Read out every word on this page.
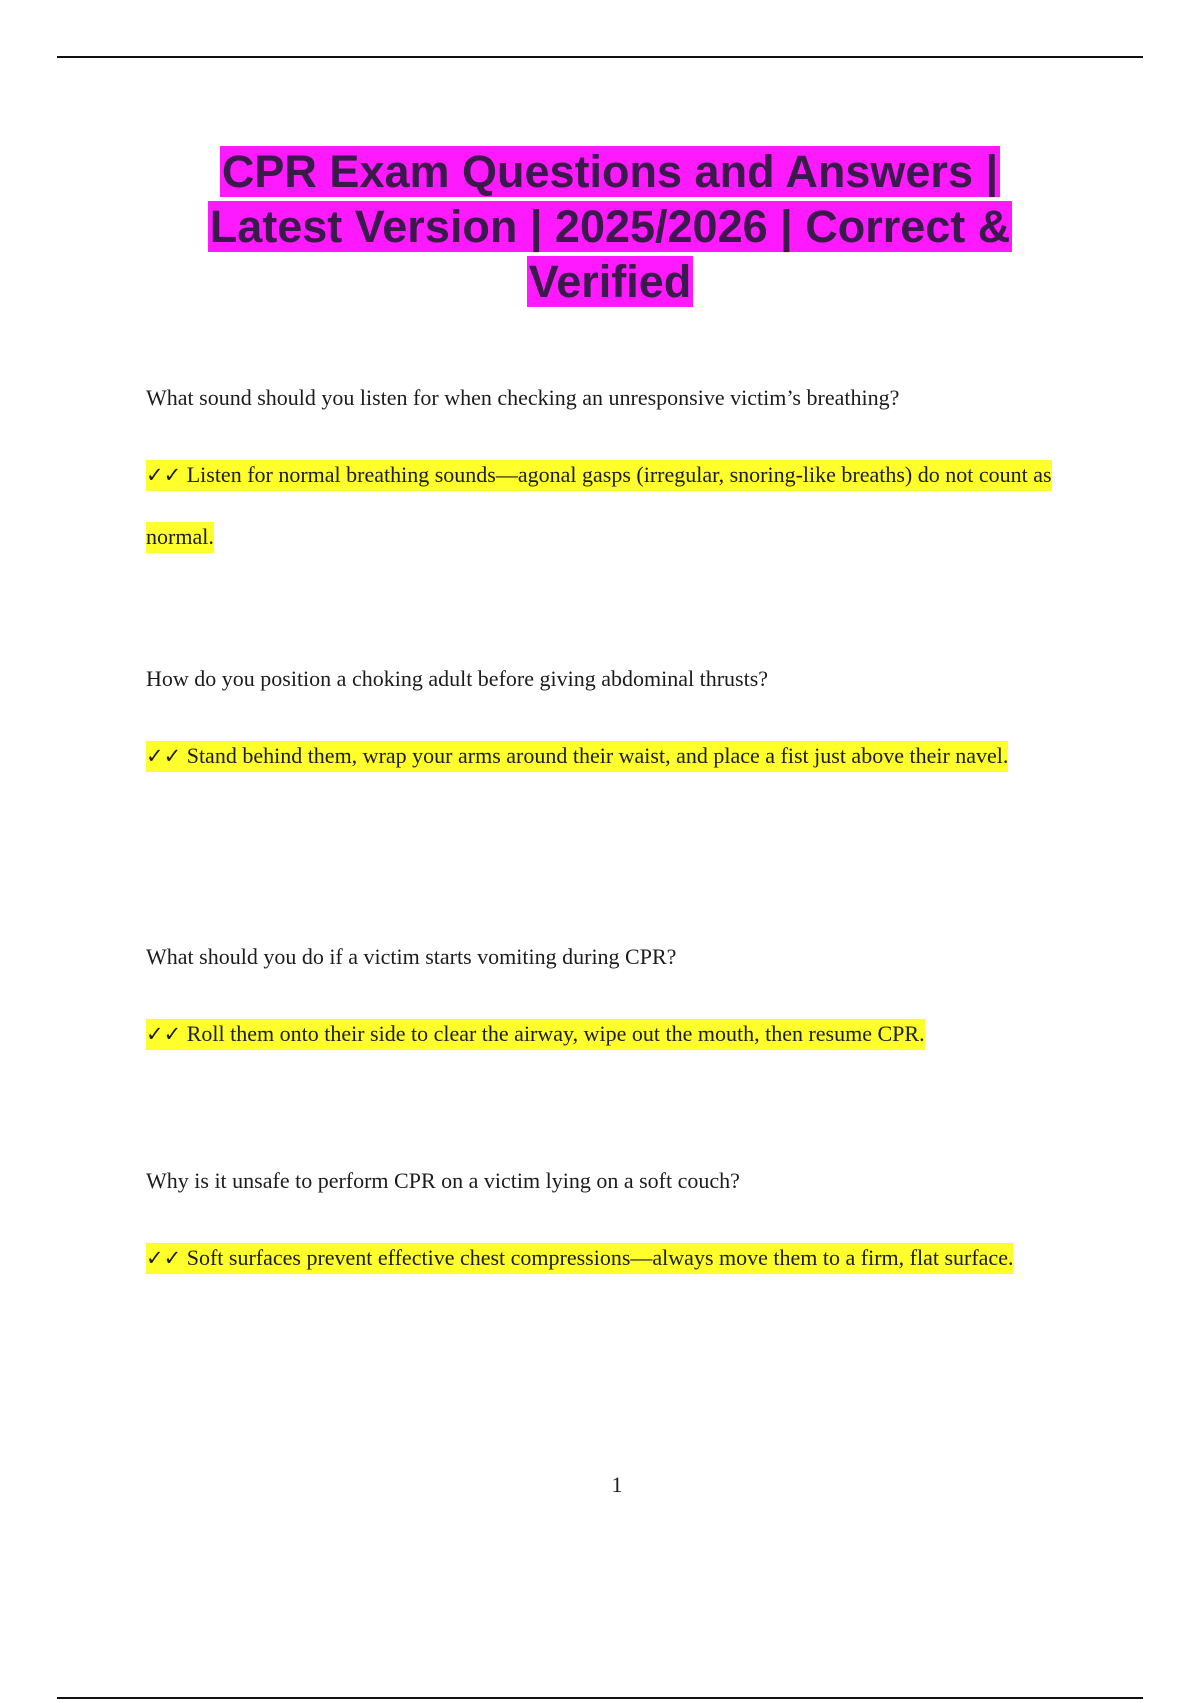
CPR Exam Questions and Answers | Latest Version | 2025/2026 | Correct & Verified

What sound should you listen for when checking an unresponsive victim’s breathing?

✓✓ Listen for normal breathing sounds—agonal gasps (irregular, snoring-like breaths) do not count as normal.

How do you position a choking adult before giving abdominal thrusts?

✓✓ Stand behind them, wrap your arms around their waist, and place a fist just above their navel.

What should you do if a victim starts vomiting during CPR?

✓✓ Roll them onto their side to clear the airway, wipe out the mouth, then resume CPR.

Why is it unsafe to perform CPR on a victim lying on a soft couch?

✓✓ Soft surfaces prevent effective chest compressions—always move them to a firm, flat surface.

1
